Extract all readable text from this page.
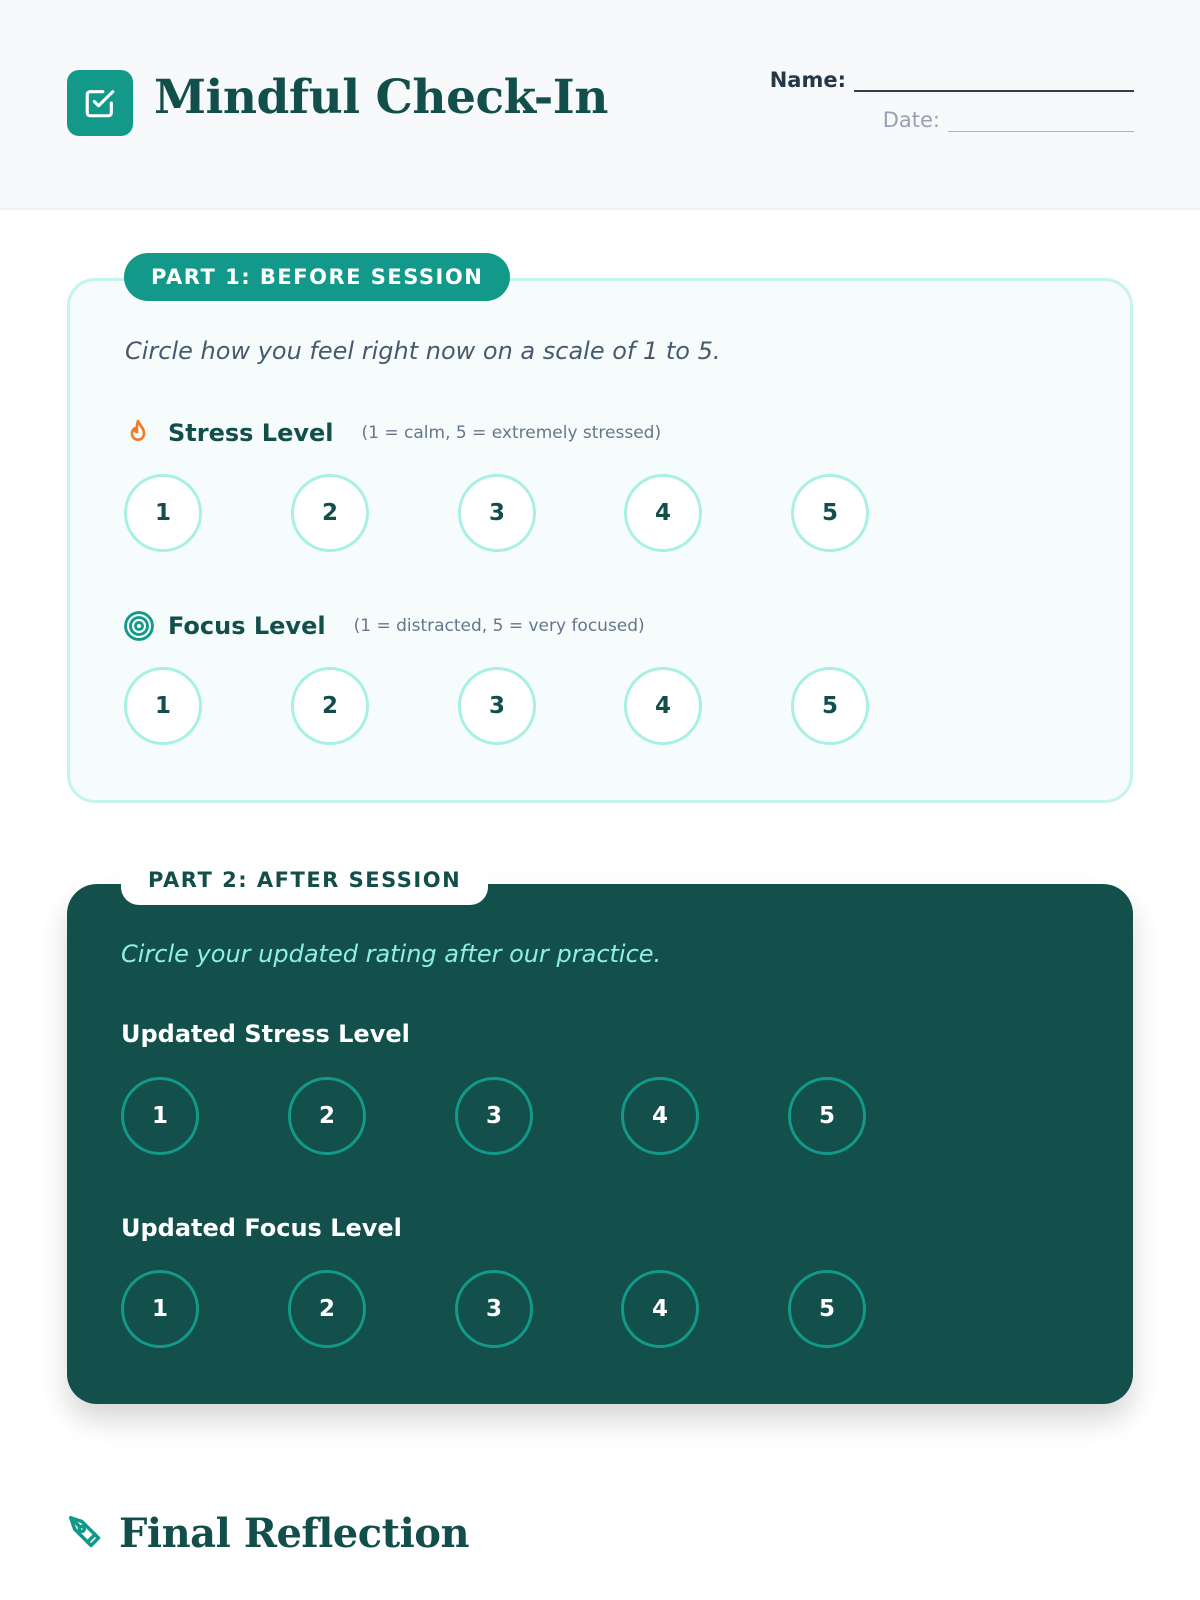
Mindful Check-In	Name:
Date:
PART 1: BEFORE SESSION
Circle how you feel right now on a scale of 1 to 5.
Stress Level (1 = calm, 5 = extremely stressed)
1	2	3	4	5
Focus Level (1 = distracted, 5 = very focused)
1	2	3	4	5
PART 2: AFTER SESSION
Circle your updated rating after our practice.
Updated Stress Level
1	2	3	4	5
Updated Focus Level
1	2	3	4	5
Final Reflection
